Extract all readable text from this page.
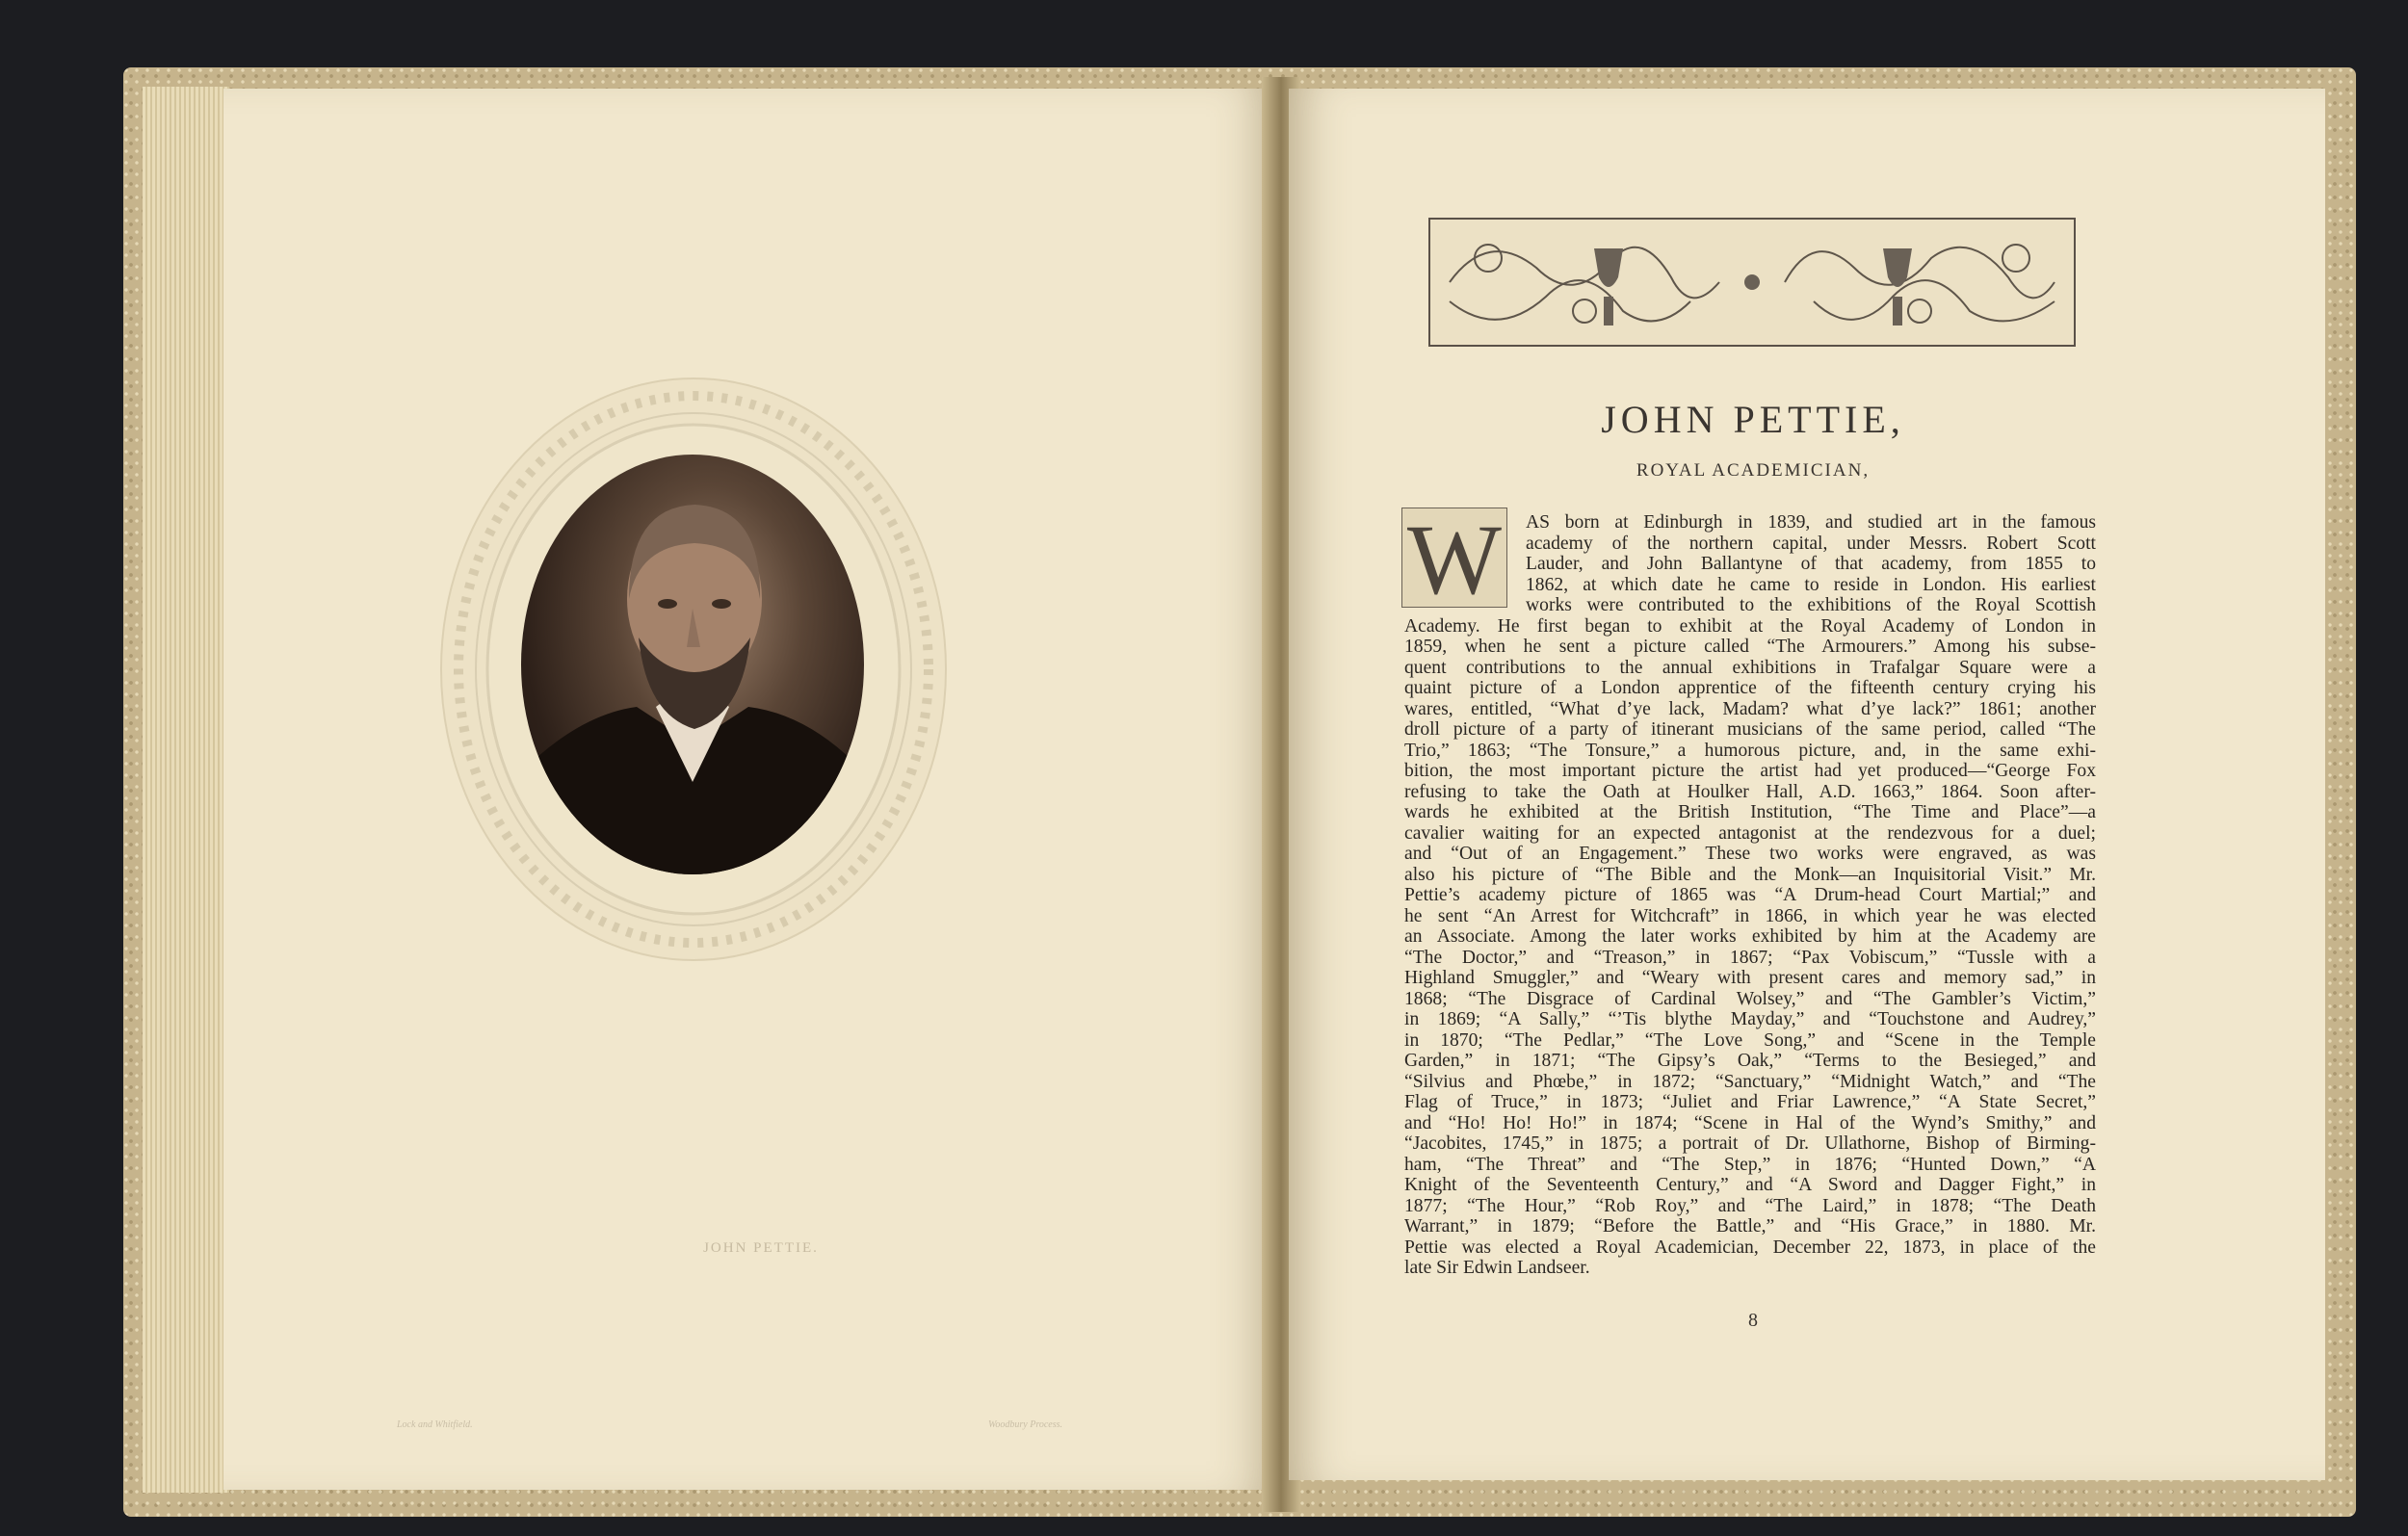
JOHN PETTIE.
Lock and Whitfield.	Woodbury Process.
JOHN PETTIE,
ROYAL ACADEMICIAN,
W	AS born at Edinburgh in 1839, and studied art in the famous
academy of the northern capital, under Messrs. Robert Scott
Lauder, and John Ballantyne of that academy, from 1855 to
1862, at which date he came to reside in London. His earliest
works were contributed to the exhibitions of the Royal Scottish
Academy. He first began to exhibit at the Royal Academy of London in
1859, when he sent a picture called “The Armourers.” Among his subse-
quent contributions to the annual exhibitions in Trafalgar Square were a
quaint picture of a London apprentice of the fifteenth century crying his
wares, entitled, “What d’ye lack, Madam? what d’ye lack?” 1861; another
droll picture of a party of itinerant musicians of the same period, called “The
Trio,” 1863; “The Tonsure,” a humorous picture, and, in the same exhi-
bition, the most important picture the artist had yet produced—“George Fox
refusing to take the Oath at Houlker Hall, A.D. 1663,” 1864. Soon after-
wards he exhibited at the British Institution, “The Time and Place”—a
cavalier waiting for an expected antagonist at the rendezvous for a duel;
and “Out of an Engagement.” These two works were engraved, as was
also his picture of “The Bible and the Monk—an Inquisitorial Visit.” Mr.
Pettie’s academy picture of 1865 was “A Drum-head Court Martial;” and
he sent “An Arrest for Witchcraft” in 1866, in which year he was elected
an Associate. Among the later works exhibited by him at the Academy are
“The Doctor,” and “Treason,” in 1867; “Pax Vobiscum,” “Tussle with a
Highland Smuggler,” and “Weary with present cares and memory sad,” in
1868; “The Disgrace of Cardinal Wolsey,” and “The Gambler’s Victim,”
in 1869; “A Sally,” “’Tis blythe Mayday,” and “Touchstone and Audrey,”
in 1870; “The Pedlar,” “The Love Song,” and “Scene in the Temple
Garden,” in 1871; “The Gipsy’s Oak,” “Terms to the Besieged,” and
“Silvius and Phœbe,” in 1872; “Sanctuary,” “Midnight Watch,” and “The
Flag of Truce,” in 1873; “Juliet and Friar Lawrence,” “A State Secret,”
and “Ho! Ho! Ho!” in 1874; “Scene in Hal of the Wynd’s Smithy,” and
“Jacobites, 1745,” in 1875; a portrait of Dr. Ullathorne, Bishop of Birming-
ham, “The Threat” and “The Step,” in 1876; “Hunted Down,” “A
Knight of the Seventeenth Century,” and “A Sword and Dagger Fight,” in
1877; “The Hour,” “Rob Roy,” and “The Laird,” in 1878; “The Death
Warrant,” in 1879; “Before the Battle,” and “His Grace,” in 1880. Mr.
Pettie was elected a Royal Academician, December 22, 1873, in place of the
late Sir Edwin Landseer.
8
